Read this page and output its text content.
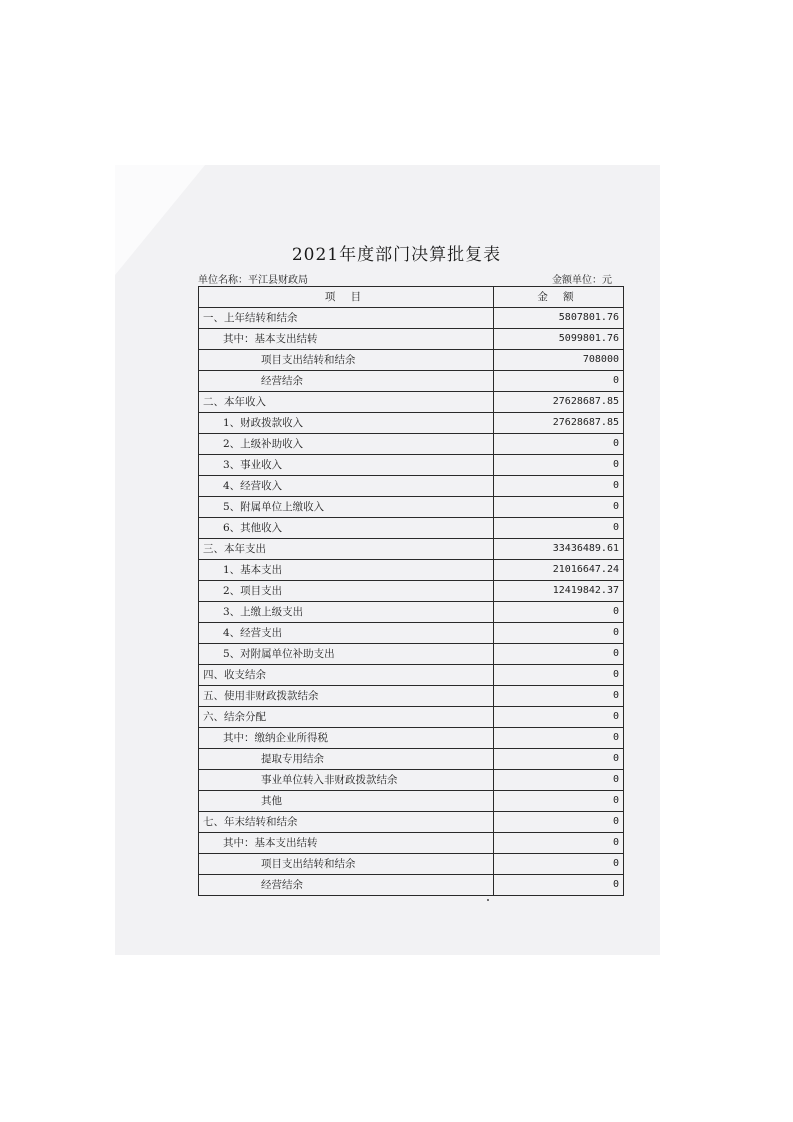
2021年度部门决算批复表
单位名称：平江县财政局	金额单位：元
项 目	金 额
一、上年结转和结余	5807801.76
其中：基本支出结转	5099801.76
项目支出结转和结余	708000
经营结余	0
二、本年收入	27628687.85
1、财政拨款收入	27628687.85
2、上级补助收入	0
3、事业收入	0
4、经营收入	0
5、附属单位上缴收入	0
6、其他收入	0
三、本年支出	33436489.61
1、基本支出	21016647.24
2、项目支出	12419842.37
3、上缴上级支出	0
4、经营支出	0
5、对附属单位补助支出	0
四、收支结余	0
五、使用非财政拨款结余	0
六、结余分配	0
其中：缴纳企业所得税	0
提取专用结余	0
事业单位转入非财政拨款结余	0
其他	0
七、年末结转和结余	0
其中：基本支出结转	0
项目支出结转和结余	0
经营结余	0
